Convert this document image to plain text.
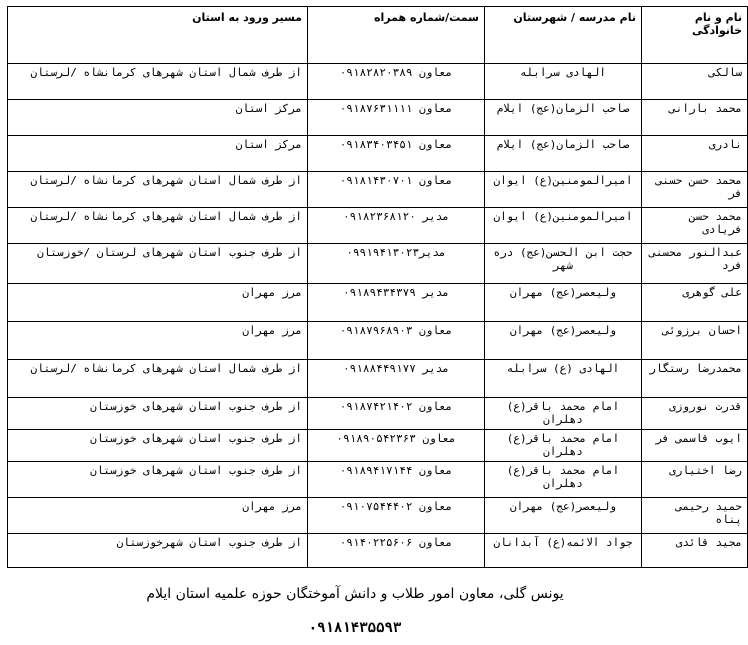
نام و نام خانوادگی	نام مدرسه / شهرستان	سمت/شماره همراه	مسیر ورود به استان
سالکی	الهادی سرابله	معاون ۰۹۱۸۲۸۲۰۳۸۹	از طرف شمال استان شهرهای کرمانشاه /لرستان
محمد بارانی	صاحب الزمان(عج) ایلام	معاون ۰۹۱۸۷۶۳۱۱۱۱	مرکز استان
نادری	صاحب الزمان(عج) ایلام	معاون ۰۹۱۸۳۴۰۳۴۵۱	مرکز استان
محمد حسن حسنی فر	امیرالمومنین(ع) ایوان	معاون ۰۹۱۸۱۴۳۰۷۰۱	از طرف شمال استان شهرهای کرمانشاه /لرستان
محمد حسن فریادی	امیرالمومنین(ع) ایوان	مدیر ۰۹۱۸۲۳۶۸۱۲۰	از طرف شمال استان شهرهای کرمانشاه /لرستان
عبدالنور محسنی فرد	حجت ابن الحسن(عج) دره شهر	مدیر۰۹۹۱۹۴۱۳۰۲۳	از طرف جنوب استان شهرهای لرستان /خوزستان
علی گوهری	ولیعصر(عج) مهران	مدیر ۰۹۱۸۹۴۳۴۳۷۹	مرز مهران
احسان برزوئی	ولیعصر(عج) مهران	معاون ۰۹۱۸۷۹۶۸۹۰۳	مرز مهران
محمدرضا رستگار	الهادی (ع) سرابله	مدیر ۰۹۱۸۸۴۴۹۱۷۷	از طرف شمال استان شهرهای کرمانشاه /لرستان
قدرت نوروزی	امام محمد باقر(ع) دهلران	معاون ۰۹۱۸۷۴۲۱۴۰۲	از طرف جنوب استان شهرهای خوزستان
ایوب قاسمی فر	امام محمد باقر(ع) دهلران	معاون ۰۹۱۸۹۰۵۴۲۳۶۳	از طرف جنوب استان شهرهای خوزستان
رضا اختیاری	امام محمد باقر(ع) دهلران	معاون ۰۹۱۸۹۴۱۷۱۴۴	از طرف جنوب استان شهرهای خوزستان
حمید رحیمی پناه	ولیعصر(عج) مهران	معاون ۰۹۱۰۷۵۴۴۴۰۲	مرز مهران
مجید قائدی	جواد الائمه(ع) آبدانان	معاون ۰۹۱۴۰۲۲۵۶۰۶	از طرف جنوب استان شهرخوزستان
یونس گلی، معاون امور طلاب و دانش آموختگان حوزه علمیه استان ایلام
۰۹۱۸۱۴۳۵۵۹۳
